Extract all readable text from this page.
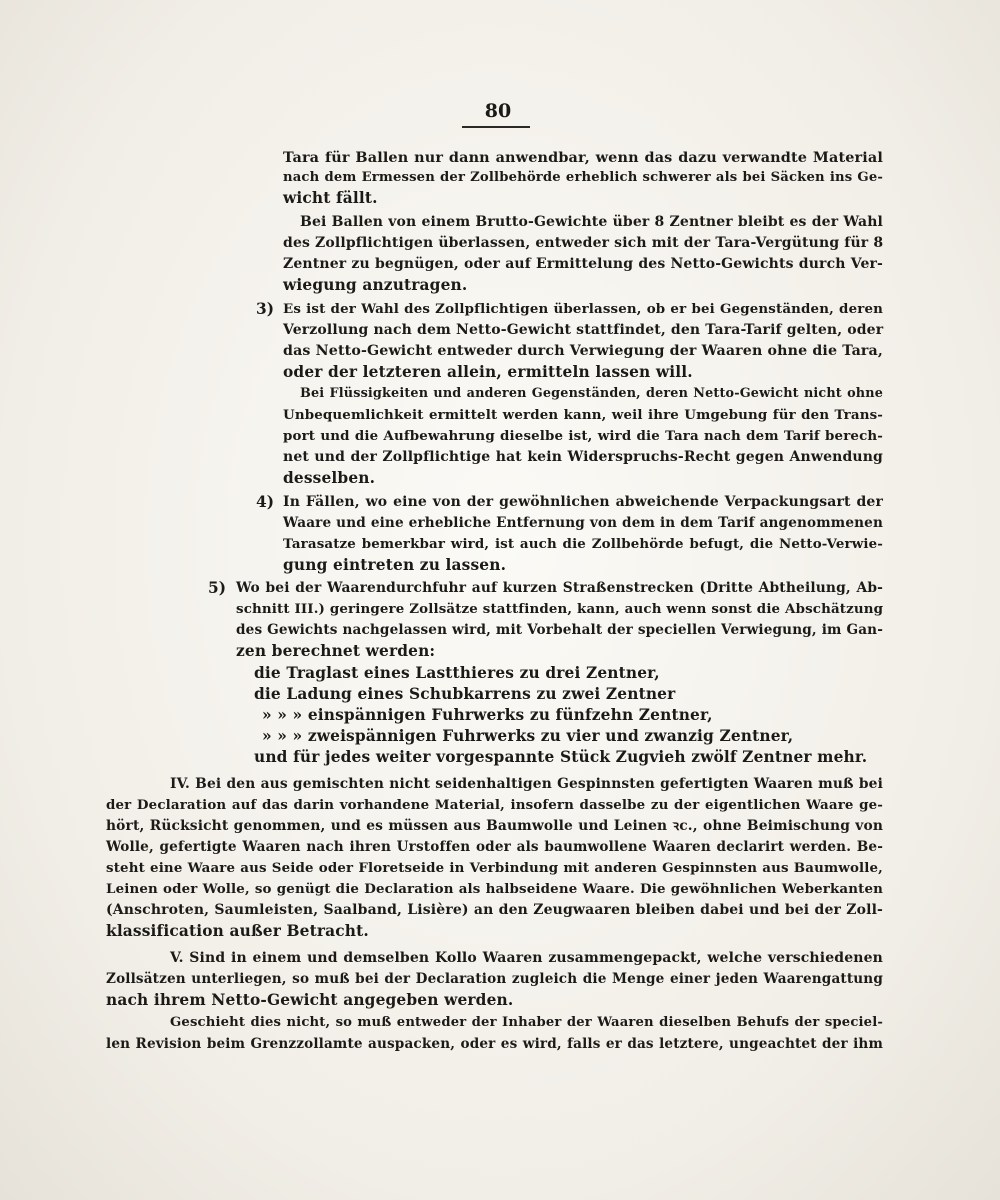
80
Tara für Ballen nur dann anwendbar, wenn das dazu verwandte Material
nach dem Ermessen der Zollbehörde erheblich schwerer als bei Säcken ins Ge-
wicht fällt.
Bei Ballen von einem Brutto-Gewichte über 8 Zentner bleibt es der Wahl
des Zollpflichtigen überlassen, entweder sich mit der Tara-Vergütung für 8
Zentner zu begnügen, oder auf Ermittelung des Netto-Gewichts durch Ver-
wiegung anzutragen.
3) Es ist der Wahl des Zollpflichtigen überlassen, ob er bei Gegenständen, deren
Verzollung nach dem Netto-Gewicht stattfindet, den Tara-Tarif gelten, oder
das Netto-Gewicht entweder durch Verwiegung der Waaren ohne die Tara,
oder der letzteren allein, ermitteln lassen will.
Bei Flüssigkeiten und anderen Gegenständen, deren Netto-Gewicht nicht ohne
Unbequemlichkeit ermittelt werden kann, weil ihre Umgebung für den Trans-
port und die Aufbewahrung dieselbe ist, wird die Tara nach dem Tarif berech-
net und der Zollpflichtige hat kein Widerspruchs-Recht gegen Anwendung
desselben.
4) In Fällen, wo eine von der gewöhnlichen abweichende Verpackungsart der
Waare und eine erhebliche Entfernung von dem in dem Tarif angenommenen
Tarasatze bemerkbar wird, ist auch die Zollbehörde befugt, die Netto-Verwie-
gung eintreten zu lassen.
5) Wo bei der Waarendurchfuhr auf kurzen Straßenstrecken (Dritte Abtheilung, Ab-
schnitt III.) geringere Zollsätze stattfinden, kann, auch wenn sonst die Abschätzung
des Gewichts nachgelassen wird, mit Vorbehalt der speciellen Verwiegung, im Gan-
zen berechnet werden:
die Traglast eines Lastthieres zu drei Zentner,
die Ladung eines Schubkarrens zu zwei Zentner
» » » einspännigen Fuhrwerks zu fünfzehn Zentner,
» » » zweispännigen Fuhrwerks zu vier und zwanzig Zentner,
und für jedes weiter vorgespannte Stück Zugvieh zwölf Zentner mehr.
IV. Bei den aus gemischten nicht seidenhaltigen Gespinnsten gefertigten Waaren muß bei
der Declaration auf das darin vorhandene Material, insofern dasselbe zu der eigentlichen Waare ge-
hört, Rücksicht genommen, und es müssen aus Baumwolle und Leinen ꝛc., ohne Beimischung von
Wolle, gefertigte Waaren nach ihren Urstoffen oder als baumwollene Waaren declarirt werden. Be-
steht eine Waare aus Seide oder Floretseide in Verbindung mit anderen Gespinnsten aus Baumwolle,
Leinen oder Wolle, so genügt die Declaration als halbseidene Waare. Die gewöhnlichen Weberkanten
(Anschroten, Saumleisten, Saalband, Lisière) an den Zeugwaaren bleiben dabei und bei der Zoll-
klassification außer Betracht.
V. Sind in einem und demselben Kollo Waaren zusammengepackt, welche verschiedenen
Zollsätzen unterliegen, so muß bei der Declaration zugleich die Menge einer jeden Waarengattung
nach ihrem Netto-Gewicht angegeben werden.
Geschieht dies nicht, so muß entweder der Inhaber der Waaren dieselben Behufs der speciel-
len Revision beim Grenzzollamte auspacken, oder es wird, falls er das letztere, ungeachtet der ihm
